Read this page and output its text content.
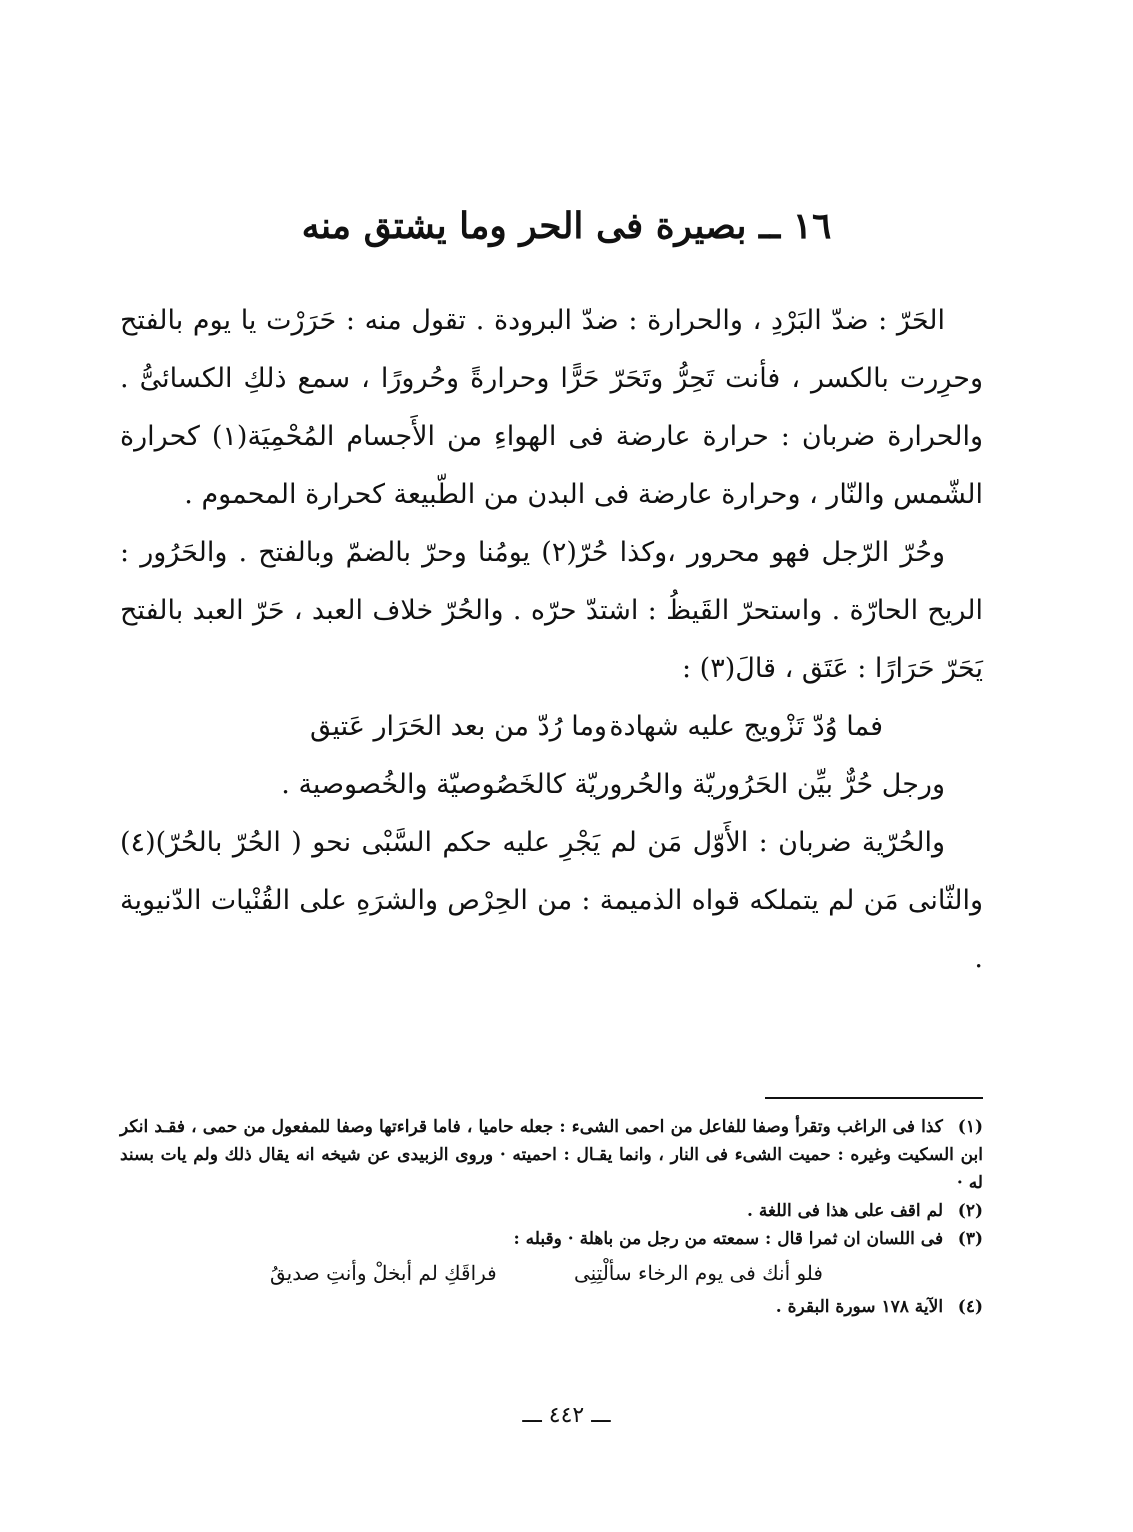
١٦ ــ بصيرة فى الحر وما يشتق منه

الحَرّ : ضدّ البَرْدِ ، والحرارة : ضدّ البرودة . تقول منه : حَرَرْت يا يوم بالفتح وحرِرت بالكسر ، فأنت تَحِرُّ وتَحَرّ حَرًّا وحرارةً وحُرورًا ، سمع ذلكِ الكسائىُّ . والحرارة ضربان : حرارة عارضة فى الهواءِ من الأَجسام المُحْمِيَة(١) كحرارة الشّمس والنّار ، وحرارة عارضة فى البدن من الطّبيعة كحرارة المحموم .

وحُرّ الرّجل فهو محرور ،وكذا حُرّ(٢) يومُنا وحرّ بالضمّ وبالفتح . والحَرُور : الريح الحارّة . واستحرّ القَيظُ : اشتدّ حرّه . والحُرّ خلاف العبد ، حَرّ العبد بالفتح يَحَرّ حَرَارًا : عَتَق ، قالَ(٣) :

فما وُدّ تَزْويج عليه شهادة
وما رُدّ من بعد الحَرَار عَتيق

ورجل حُرٌّ بيِّن الحَرُوريّة والحُروريّة كالخَصُوصيّة والخُصوصية .

والحُرّية ضربان : الأَوّل مَن لم يَجْرِ عليه حكم السَّبْى نحو ( الحُرّ بالحُرّ)(٤) والثّانى مَن لم يتملكه قواه الذميمة : من الحِرْص والشرَهِ على القُنْيات الدّنيوية .

(١) كذا فى الراغب وتقرأ وصفا للفاعل من احمى الشىء : جعله حاميا ، فاما قراءتها وصفا للمفعول من حمى ، فقـد انكر ابن السكيت وغيره : حميت الشىء فى النار ، وانما يقـال : احميته · وروى الزبيدى عن شيخه انه يقال ذلك ولم يات بسند له ·

(٢) لم اقف على هذا فى اللغة .

(٣) فى اللسان ان ثمرا قال : سمعته من رجل من باهلة · وقبله :

فلو أنك فى يوم الرخاء سألْتِنِى
فراقَكِ لم أبخلْ وأنتِ صديقُ

(٤) الآية ١٧٨ سورة البقرة .

ـــ ٤٤٢ ـــ
